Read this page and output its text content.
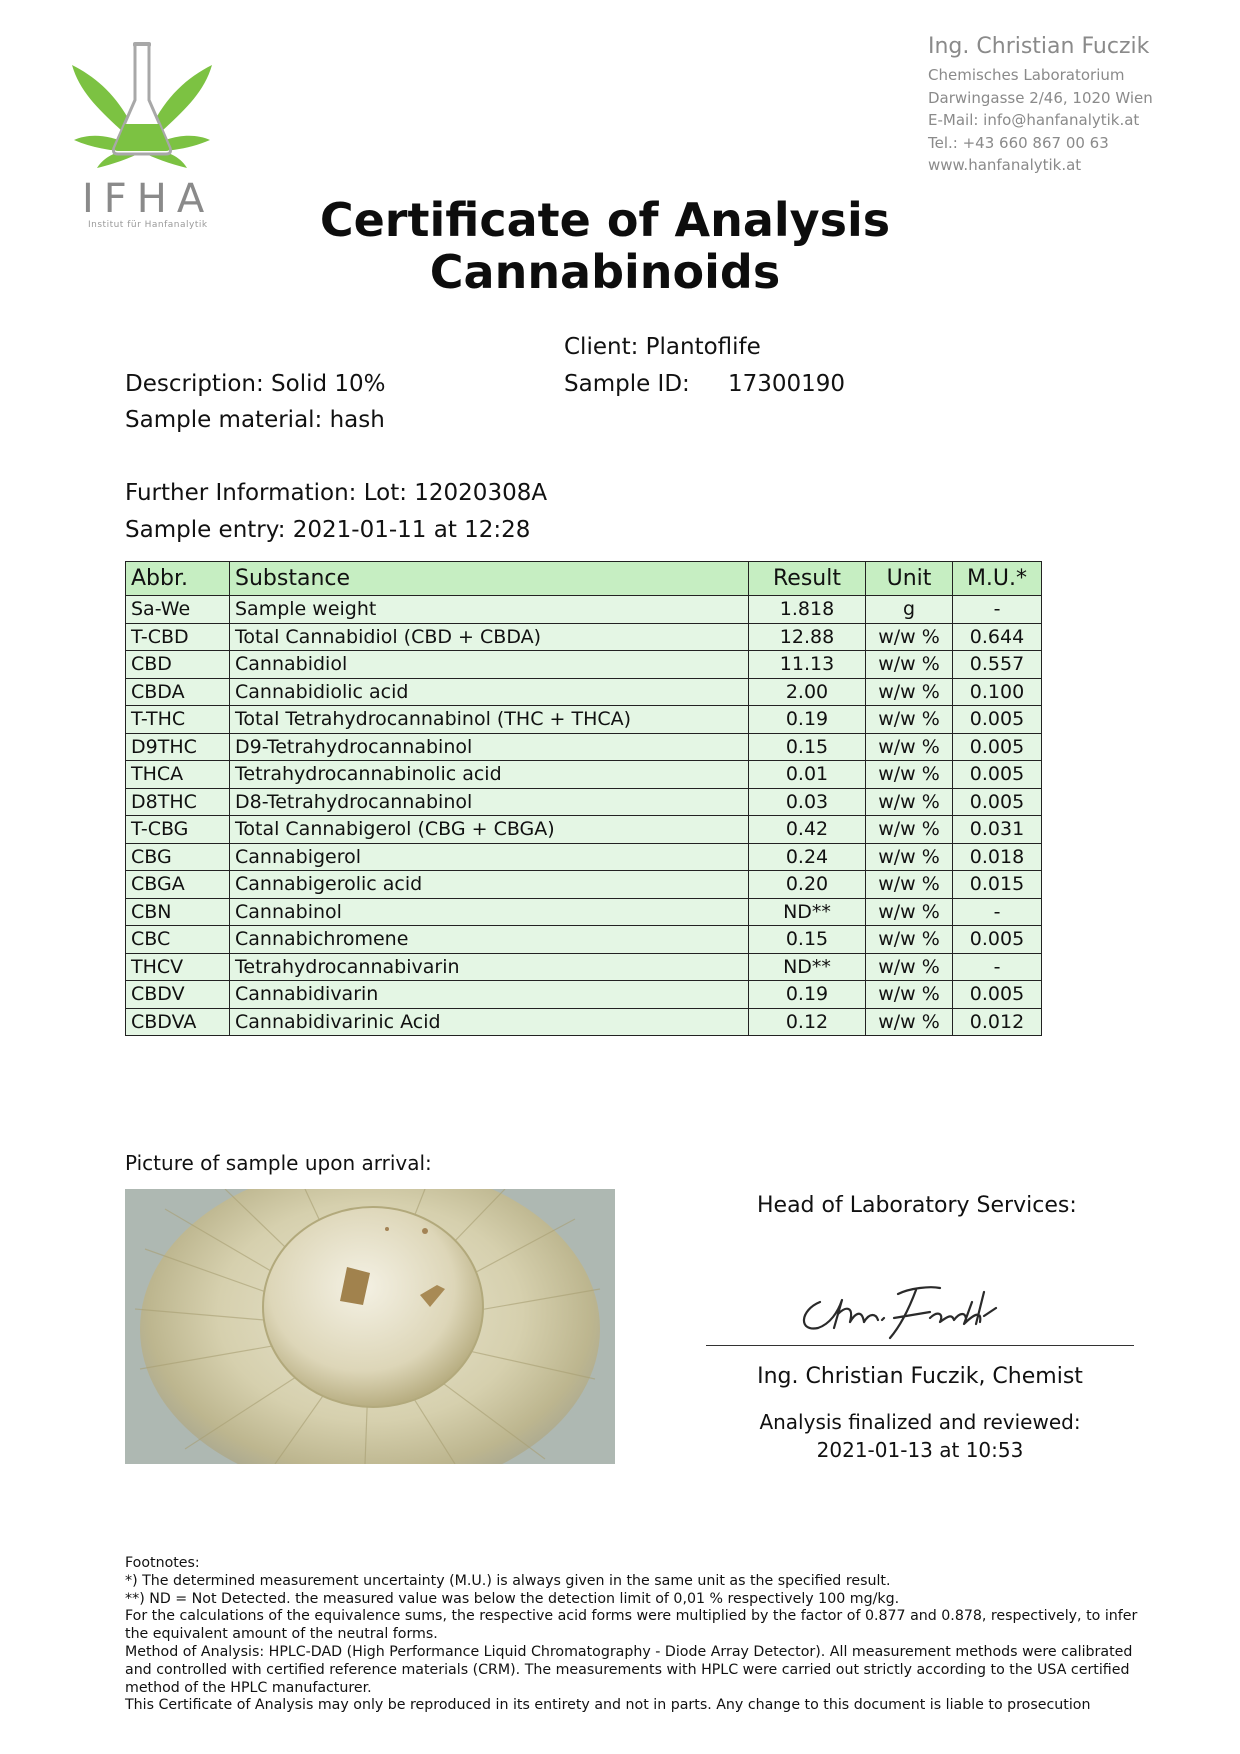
IFHA
Institut für Hanfanalytik
Ing. Christian Fuczik
Chemisches Laboratorium
Darwingasse 2/46, 1020 Wien
E-Mail: info@hanfanalytik.at
Tel.: +43 660 867 00 63
www.hanfanalytik.at
Certificate of Analysis
Cannabinoids
Client: Plantoflife
Sample ID: 17300190
Description: Solid 10%
Sample material: hash
Further Information: Lot: 12020308A
Sample entry: 2021-01-11 at 12:28
Abbr.	Substance	Result	Unit	M.U.*
Sa-We	Sample weight	1.818	g	-
T-CBD	Total Cannabidiol (CBD + CBDA)	12.88	w/w %	0.644
CBD	Cannabidiol	11.13	w/w %	0.557
CBDA	Cannabidiolic acid	2.00	w/w %	0.100
T-THC	Total Tetrahydrocannabinol (THC + THCA)	0.19	w/w %	0.005
D9THC	D9-Tetrahydrocannabinol	0.15	w/w %	0.005
THCA	Tetrahydrocannabinolic acid	0.01	w/w %	0.005
D8THC	D8-Tetrahydrocannabinol	0.03	w/w %	0.005
T-CBG	Total Cannabigerol (CBG + CBGA)	0.42	w/w %	0.031
CBG	Cannabigerol	0.24	w/w %	0.018
CBGA	Cannabigerolic acid	0.20	w/w %	0.015
CBN	Cannabinol	ND**	w/w %	-
CBC	Cannabichromene	0.15	w/w %	0.005
THCV	Tetrahydrocannabivarin	ND**	w/w %	-
CBDV	Cannabidivarin	0.19	w/w %	0.005
CBDVA	Cannabidivarinic Acid	0.12	w/w %	0.012
Picture of sample upon arrival:
Head of Laboratory Services:
Ing. Christian Fuczik, Chemist
Analysis finalized and reviewed:
2021-01-13 at 10:53
Footnotes:
*) The determined measurement uncertainty (M.U.) is always given in the same unit as the specified result.
**) ND = Not Detected. the measured value was below the detection limit of 0,01 % respectively 100 mg/kg.
For the calculations of the equivalence sums, the respective acid forms were multiplied by the factor of 0.877 and 0.878, respectively, to infer the equivalent amount of the neutral forms.
Method of Analysis: HPLC-DAD (High Performance Liquid Chromatography - Diode Array Detector). All measurement methods were calibrated and controlled with certified reference materials (CRM). The measurements with HPLC were carried out strictly according to the USA certified method of the HPLC manufacturer.
This Certificate of Analysis may only be reproduced in its entirety and not in parts. Any change to this document is liable to prosecution
